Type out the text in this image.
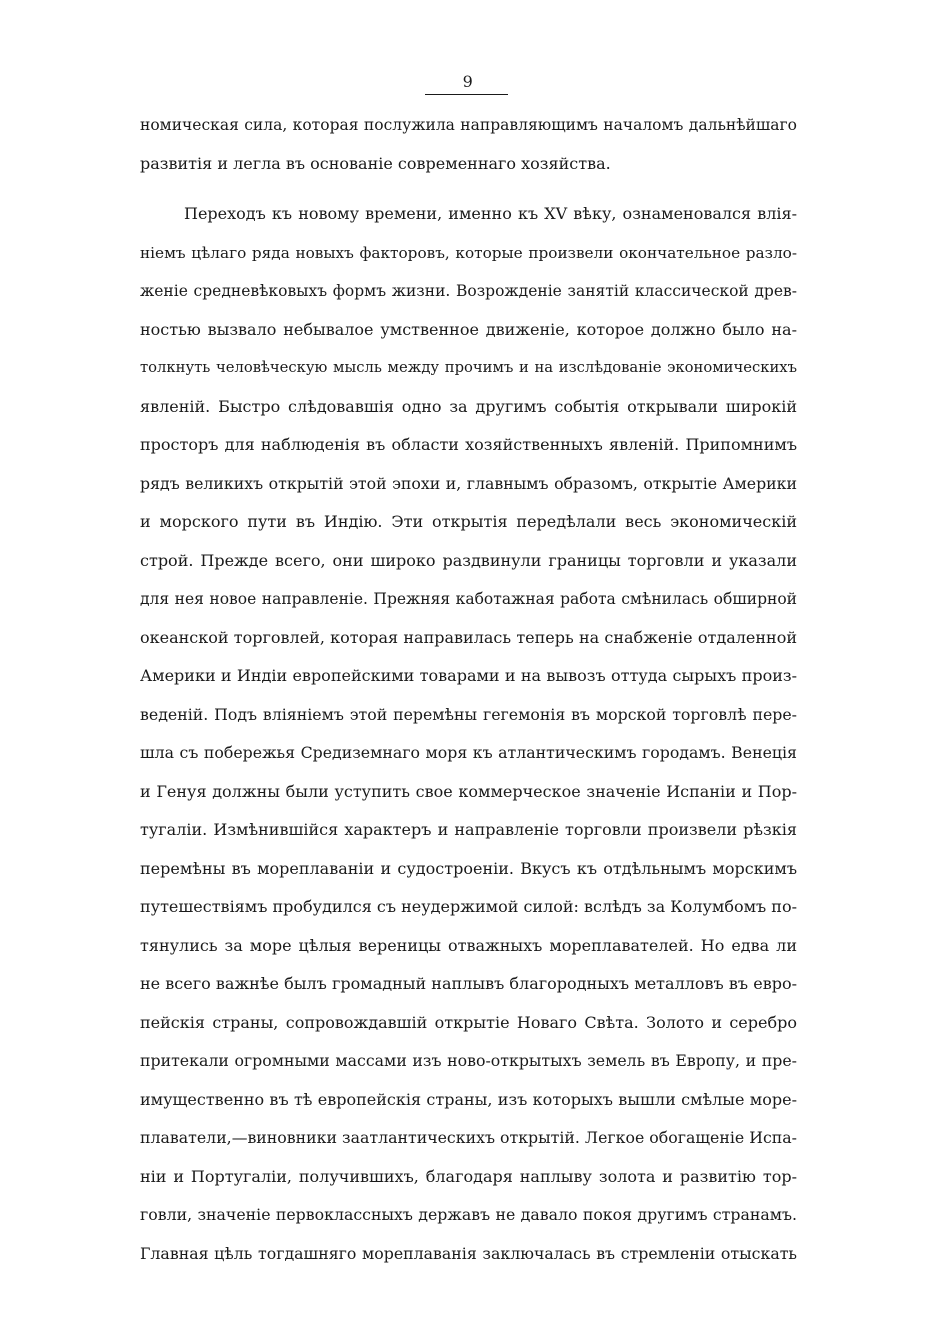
9
номическая сила, которая послужила направляющимъ началомъ дальнѣйшаго
развитія и легла въ основаніе современнаго хозяйства.
Переходъ къ новому времени, именно къ XV вѣку, ознаменовался влія-
ніемъ цѣлаго ряда новыхъ факторовъ, которые произвели окончательное разло-
женіе средневѣковыхъ формъ жизни. Возрожденіе занятій классической древ-
ностью вызвало небывалое умственное движеніе, которое должно было на-
толкнуть человѣческую мысль между прочимъ и на изслѣдованіе экономическихъ
явленій. Быстро слѣдовавшія одно за другимъ событія открывали широкій
просторъ для наблюденія въ области хозяйственныхъ явленій. Припомнимъ
рядъ великихъ открытій этой эпохи и, главнымъ образомъ, открытіе Америки
и морского пути въ Индію. Эти открытія передѣлали весь экономическій
строй. Прежде всего, они широко раздвинули границы торговли и указали
для нея новое направленіе. Прежняя каботажная работа смѣнилась обширной
океанской торговлей, которая направилась теперь на снабженіе отдаленной
Америки и Индіи европейскими товарами и на вывозъ оттуда сырыхъ произ-
веденій. Подъ вліяніемъ этой перемѣны гегемонія въ морской торговлѣ пере-
шла съ побережья Средиземнаго моря къ атлантическимъ городамъ. Венеція
и Генуя должны были уступить свое коммерческое значеніе Испаніи и Пор-
тугаліи. Измѣнившійся характеръ и направленіе торговли произвели рѣзкія
перемѣны въ мореплаваніи и судостроеніи. Вкусъ къ отдѣльнымъ морскимъ
путешествіямъ пробудился съ неудержимой силой: вслѣдъ за Колумбомъ по-
тянулись за море цѣлыя вереницы отважныхъ мореплавателей. Но едва ли
не всего важнѣе былъ громадный наплывъ благородныхъ металловъ въ евро-
пейскія страны, сопровождавшій открытіе Новаго Свѣта. Золото и серебро
притекали огромными массами изъ ново-открытыхъ земель въ Европу, и пре-
имущественно въ тѣ европейскія страны, изъ которыхъ вышли смѣлые море-
плаватели,—виновники заатлантическихъ открытій. Легкое обогащеніе Испа-
ніи и Португаліи, получившихъ, благодаря наплыву золота и развитію тор-
говли, значеніе первоклассныхъ державъ не давало покоя другимъ странамъ.
Главная цѣль тогдашняго мореплаванія заключалась въ стремленіи отыскать
